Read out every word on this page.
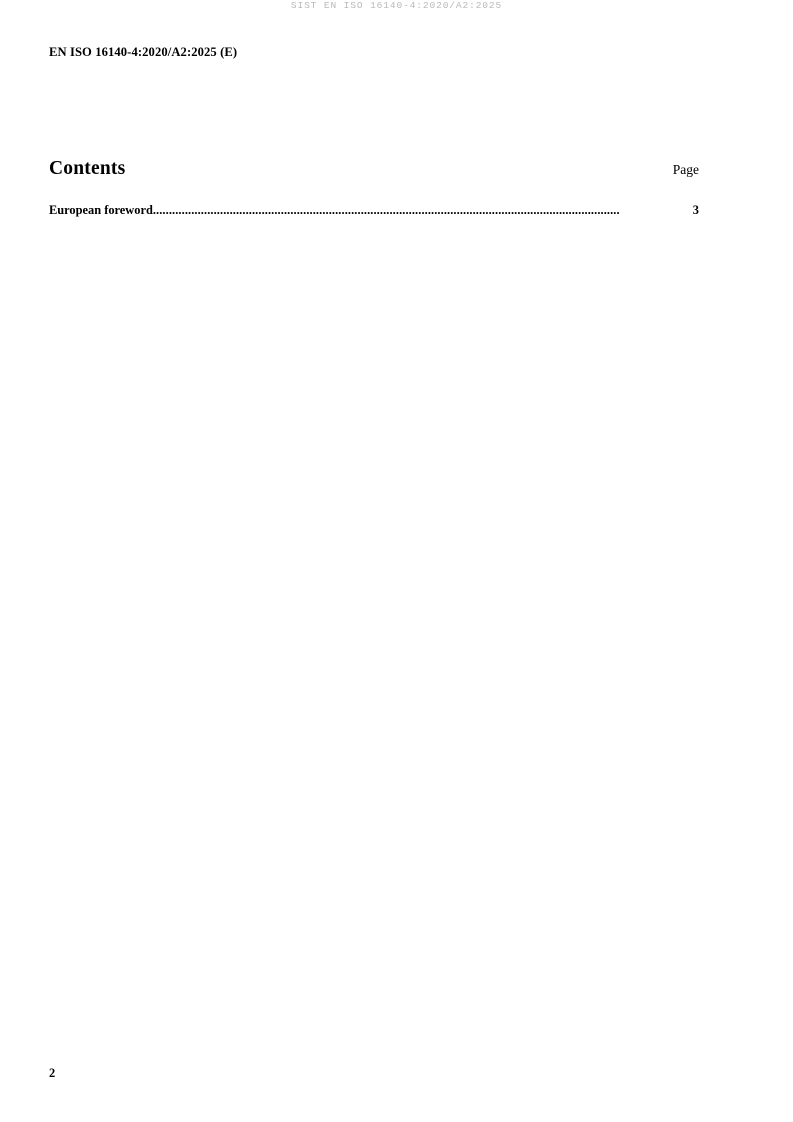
SIST EN ISO 16140-4:2020/A2:2025
EN ISO 16140-4:2020/A2:2025 (E)
Contents	Page
European foreword ..................................................................................................................................................	3
2
